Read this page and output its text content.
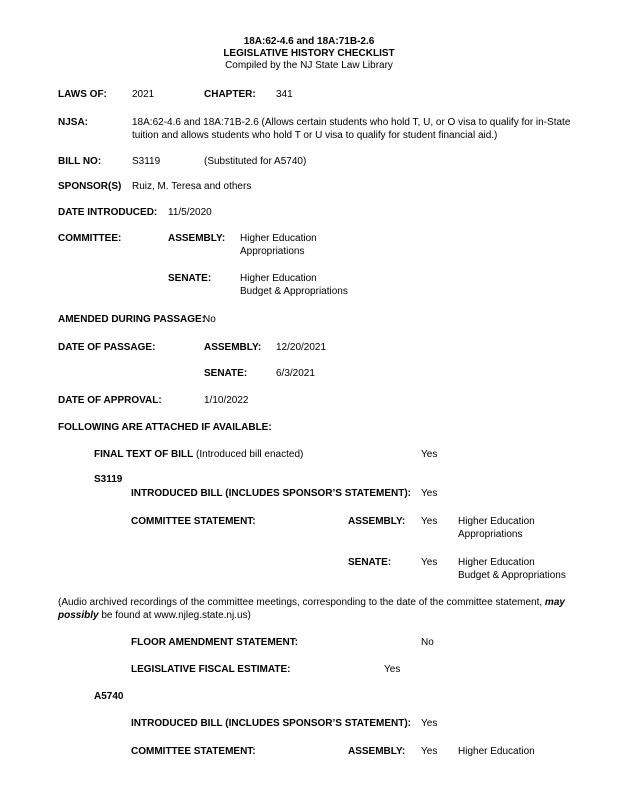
18A:62-4.6 and 18A:71B-2.6
LEGISLATIVE HISTORY CHECKLIST
Compiled by the NJ State Law Library
LAWS OF:	2021	CHAPTER: 341
NJSA:	18A:62-4.6 and 18A:71B-2.6 (Allows certain students who hold T, U, or O visa to qualify for in-State
tuition and allows students who hold T or U visa to qualify for student financial aid.)
BILL NO:	S3119	(Substituted for A5740)
SPONSOR(S) Ruiz, M. Teresa and others
DATE INTRODUCED: 11/5/2020
COMMITTEE:	ASSEMBLY: Higher Education
Appropriations
SENATE:	Higher Education
Budget & Appropriations
AMENDED DURING PASSAGE:
No
DATE OF PASSAGE:	ASSEMBLY: 12/20/2021
SENATE:	6/3/2021
DATE OF APPROVAL:	1/10/2022
FOLLOWING ARE ATTACHED IF AVAILABLE:
FINAL TEXT OF BILL (Introduced bill enacted)	Yes
S3119
INTRODUCED BILL (INCLUDES SPONSOR’S STATEMENT): Yes
COMMITTEE STATEMENT:	ASSEMBLY: Yes Higher Education
Appropriations
SENATE:	Yes Higher Education
Budget & Appropriations
(Audio archived recordings of the committee meetings, corresponding to the date of the committee statement, may
possibly be found at www.njleg.state.nj.us)
FLOOR AMENDMENT STATEMENT:	No
LEGISLATIVE FISCAL ESTIMATE:	Yes
A5740
INTRODUCED BILL (INCLUDES SPONSOR’S STATEMENT): Yes
COMMITTEE STATEMENT:	ASSEMBLY: Yes Higher Education
